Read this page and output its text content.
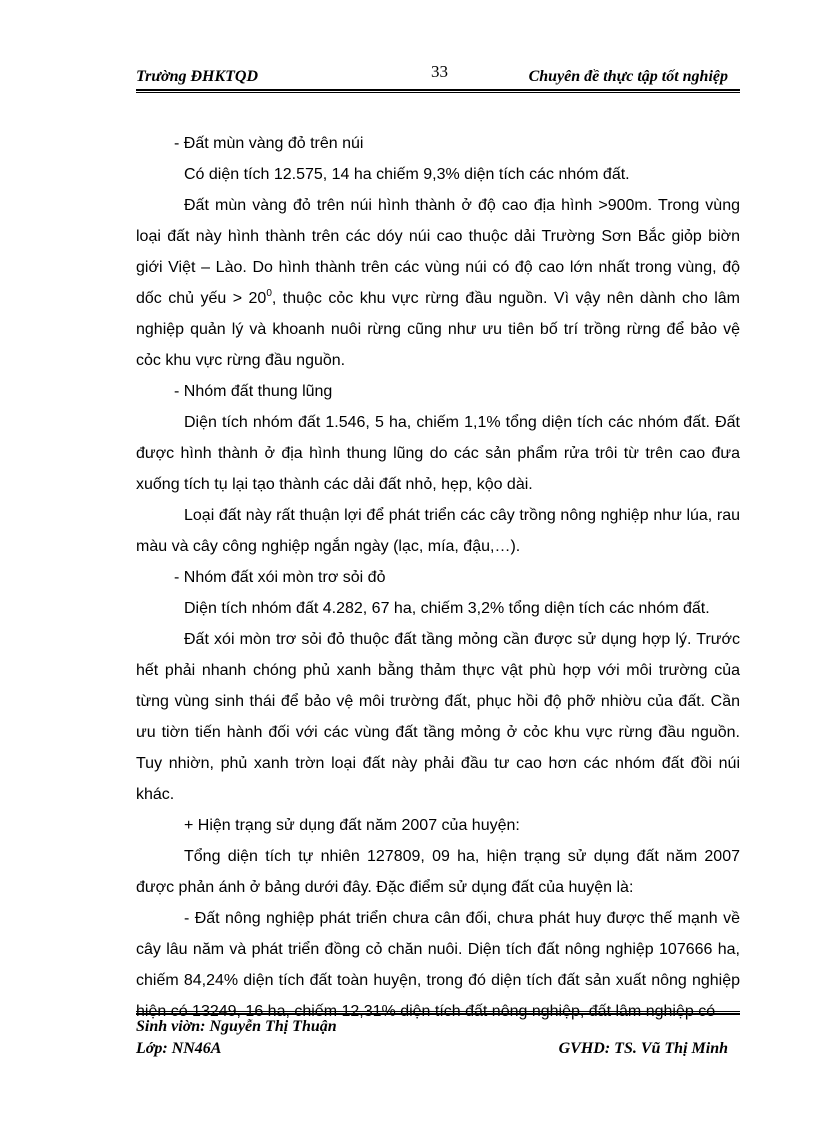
Trường ĐHKTQD	33	Chuyên đề thực tập tốt nghiệp

- Đất mùn vàng đỏ trên núi

Có diện tích 12.575, 14 ha chiếm 9,3% diện tích các nhóm đất.

Đất mùn vàng đỏ trên núi hình thành ở độ cao địa hình >900m. Trong vùng loại đất này hình thành trên các dóy núi cao thuộc dải Trường Sơn Bắc giỏp biờn giới Việt – Lào. Do hình thành trên các vùng núi có độ cao lớn nhất trong vùng, độ dốc chủ yếu > $20^0$, thuộc cỏc khu vực rừng đầu nguồn. Vì vậy nên dành cho lâm nghiệp quản lý và khoanh nuôi rừng cũng như ưu tiên bố trí trồng rừng để bảo vệ cỏc khu vực rừng đầu nguồn.

- Nhóm đất thung lũng

Diện tích nhóm đất 1.546, 5 ha, chiếm 1,1% tổng diện tích các nhóm đất. Đất được hình thành ở địa hình thung lũng do các sản phẩm rửa trôi từ trên cao đưa xuống tích tụ lại tạo thành các dải đất nhỏ, hẹp, kộo dài.

Loại đất này rất thuận lợi để phát triển các cây trồng nông nghiệp như lúa, rau màu và cây công nghiệp ngắn ngày (lạc, mía, đậu,…).

- Nhóm đất xói mòn trơ sỏi đỏ

Diện tích nhóm đất 4.282, 67 ha, chiếm 3,2% tổng diện tích các nhóm đất.

Đất xói mòn trơ sỏi đỏ thuộc đất tầng mỏng cần được sử dụng hợp lý. Trước hết phải nhanh chóng phủ xanh bằng thảm thực vật phù hợp với môi trường của từng vùng sinh thái để bảo vệ môi trường đất, phục hồi độ phỡ nhiờu của đất. Cần ưu tiờn tiến hành đối với các vùng đất tầng mỏng ở cỏc khu vực rừng đầu nguồn. Tuy nhiờn, phủ xanh trờn loại đất này phải đầu tư cao hơn các nhóm đất đồi núi khác.

+ Hiện trạng sử dụng đất năm 2007 của huyện:

Tổng diện tích tự nhiên 127809, 09 ha, hiện trạng sử dụng đất năm 2007 được phản ánh ở bảng dưới đây. Đặc điểm sử dụng đất của huyện là:

- Đất nông nghiệp phát triển chưa cân đối, chưa phát huy được thế mạnh về cây lâu năm và phát triển đồng cỏ chăn nuôi. Diện tích đất nông nghiệp 107666 ha, chiếm 84,24% diện tích đất toàn huyện, trong đó diện tích đất sản xuất nông nghiệp hiện có 13249, 16 ha, chiếm 12,31% diện tích đất nông nghiệp, đất lâm nghiệp có

Sinh viờn: Nguyễn Thị Thuận
Lớp: NN46A	GVHD: TS. Vũ Thị Minh
